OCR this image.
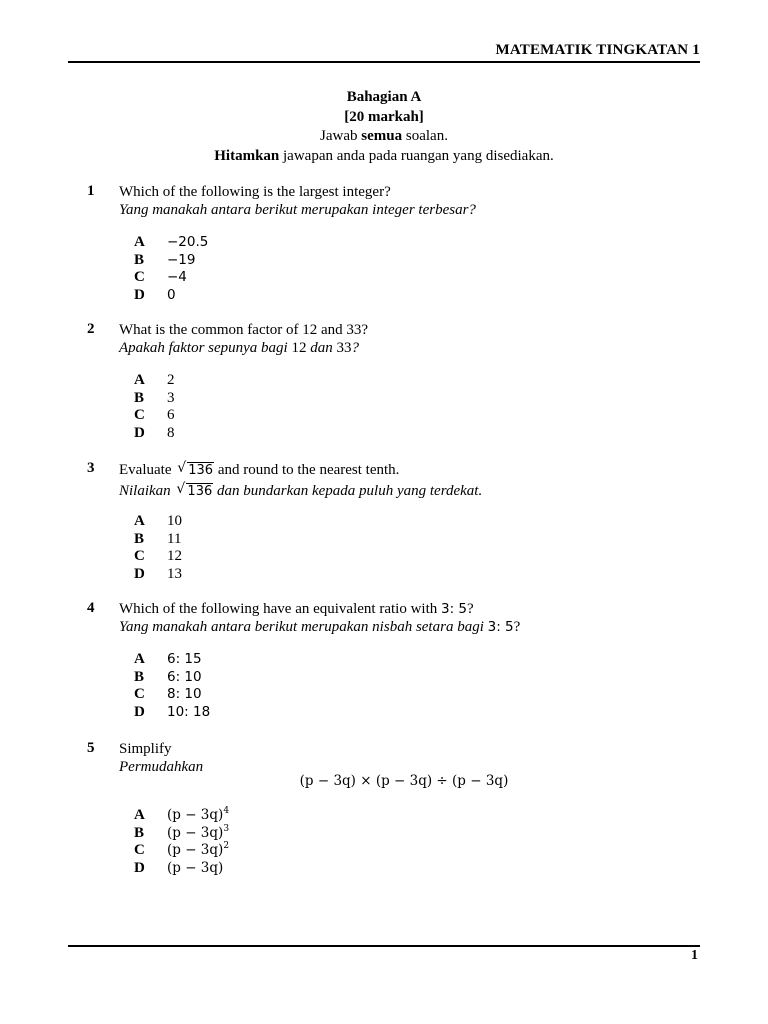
MATEMATIK TINGKATAN 1
Bahagian A
[20 markah]
Jawab semua soalan.
Hitamkan jawapan anda pada ruangan yang disediakan.
1 Which of the following is the largest integer?
Yang manakah antara berikut merupakan integer terbesar?
A	−20.5
B	−19
C	−4
D	0
2 What is the common factor of 12 and 33?
Apakah faktor sepunya bagi 12 dan 33?
A	2
B	3
C	6
D	8
3 Evaluate √ 136 and round to the nearest tenth.
Nilaikan √ 136 dan bundarkan kepada puluh yang terdekat.
A	10
B	11
C	12
D	13
4 Which of the following have an equivalent ratio with 3: 5?
Yang manakah antara berikut merupakan nisbah setara bagi 3: 5?
A	6: 15
B	6: 10
C	8: 10
D	10: 18
5 Simplify
Permudahkan
(p − 3q) × (p − 3q) ÷ (p − 3q)
A	$(p - 3q)^4$
B	$(p - 3q)^3$
C	$(p - 3q)^2$
D	(p − 3q)
1
